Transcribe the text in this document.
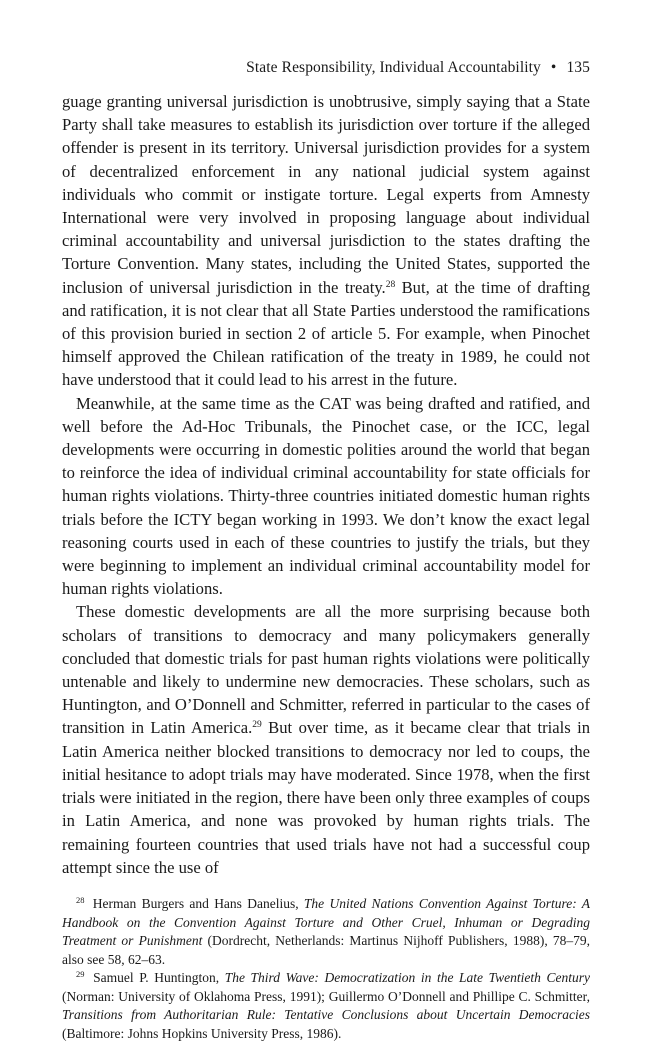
State Responsibility, Individual Accountability • 135

guage granting universal jurisdiction is unobtrusive, simply saying that a State Party shall take measures to establish its jurisdiction over torture if the alleged offender is present in its territory. Universal jurisdiction provides for a system of decentralized enforcement in any national judicial system against individuals who commit or instigate torture. Legal experts from Amnesty International were very involved in proposing language about individual criminal accountability and universal jurisdiction to the states drafting the Torture Convention. Many states, including the United States, supported the inclusion of universal jurisdiction in the treaty.$^{28}$ But, at the time of drafting and ratification, it is not clear that all State Parties understood the ramifications of this provision buried in section 2 of article 5. For example, when Pinochet himself approved the Chilean ratification of the treaty in 1989, he could not have understood that it could lead to his arrest in the future.

Meanwhile, at the same time as the CAT was being drafted and ratified, and well before the Ad-Hoc Tribunals, the Pinochet case, or the ICC, legal developments were occurring in domestic polities around the world that began to reinforce the idea of individual criminal accountability for state officials for human rights violations. Thirty-three countries initiated domestic human rights trials before the ICTY began working in 1993. We don’t know the exact legal reasoning courts used in each of these countries to justify the trials, but they were beginning to implement an individual criminal accountability model for human rights violations.

These domestic developments are all the more surprising because both scholars of transitions to democracy and many policymakers generally concluded that domestic trials for past human rights violations were politically untenable and likely to undermine new democracies. These scholars, such as Huntington, and O’Donnell and Schmitter, referred in particular to the cases of transition in Latin America.$^{29}$ But over time, as it became clear that trials in Latin America neither blocked transitions to democracy nor led to coups, the initial hesitance to adopt trials may have moderated. Since 1978, when the first trials were initiated in the region, there have been only three examples of coups in Latin America, and none was provoked by human rights trials. The remaining fourteen countries that used trials have not had a successful coup attempt since the use of

$^{28}$ Herman Burgers and Hans Danelius, The United Nations Convention Against Torture: A Handbook on the Convention Against Torture and Other Cruel, Inhuman or Degrading Treatment or Punishment (Dordrecht, Netherlands: Martinus Nijhoff Publishers, 1988), 78–79, also see 58, 62–63.

$^{29}$ Samuel P. Huntington, The Third Wave: Democratization in the Late Twentieth Century (Norman: University of Oklahoma Press, 1991); Guillermo O’Donnell and Phillipe C. Schmitter, Transitions from Authoritarian Rule: Tentative Conclusions about Uncertain Democracies (Baltimore: Johns Hopkins University Press, 1986).
